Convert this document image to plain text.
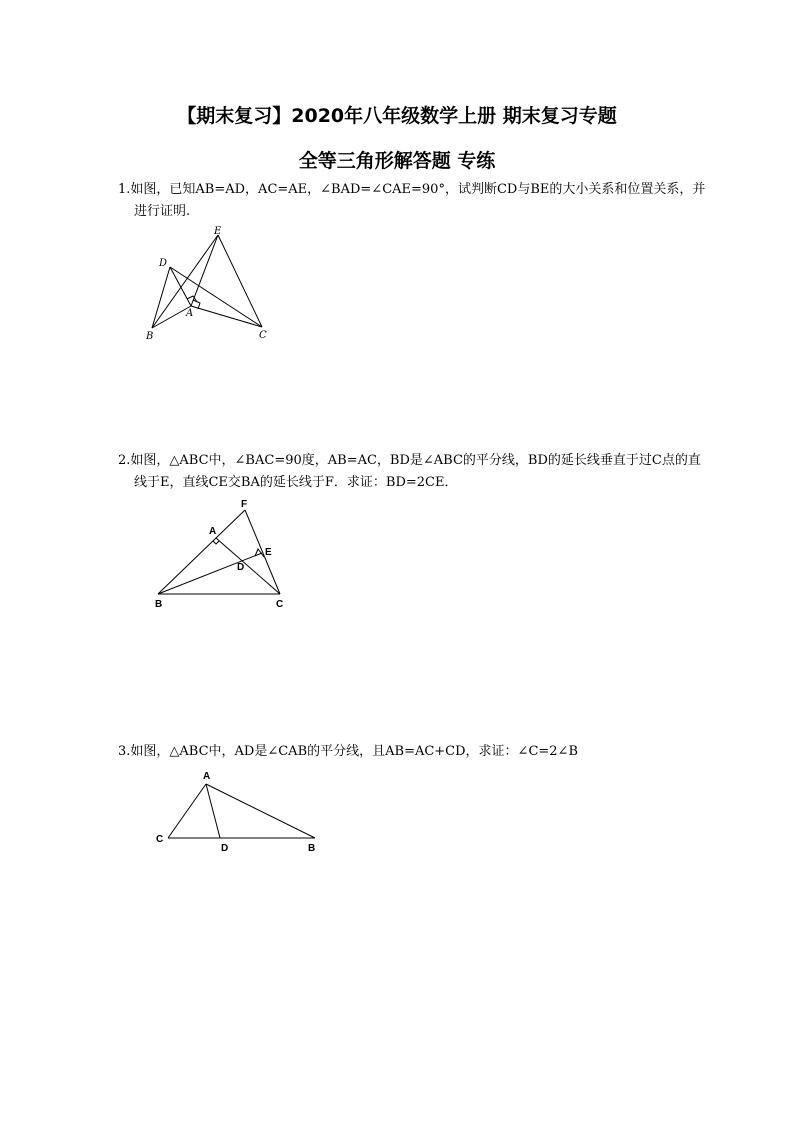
【期末复习】2020年八年级数学上册 期末复习专题
全等三角形解答题 专练
1.如图，已知AB=AD，AC=AE，∠BAD=∠CAE=90°，试判断CD与BE的大小关系和位置关系，并
进行证明.
E
D
A
B	C
2.如图，△ABC中，∠BAC=90度，AB=AC，BD是∠ABC的平分线，BD的延长线垂直于过C点的直
线于E，直线CE交BA的延长线于F．求证：BD=2CE．
F
A
E
D
B	C
3.如图，△ABC中，AD是∠CAB的平分线，且AB=AC+CD，求证：∠C=2∠B
A
C
D	B
